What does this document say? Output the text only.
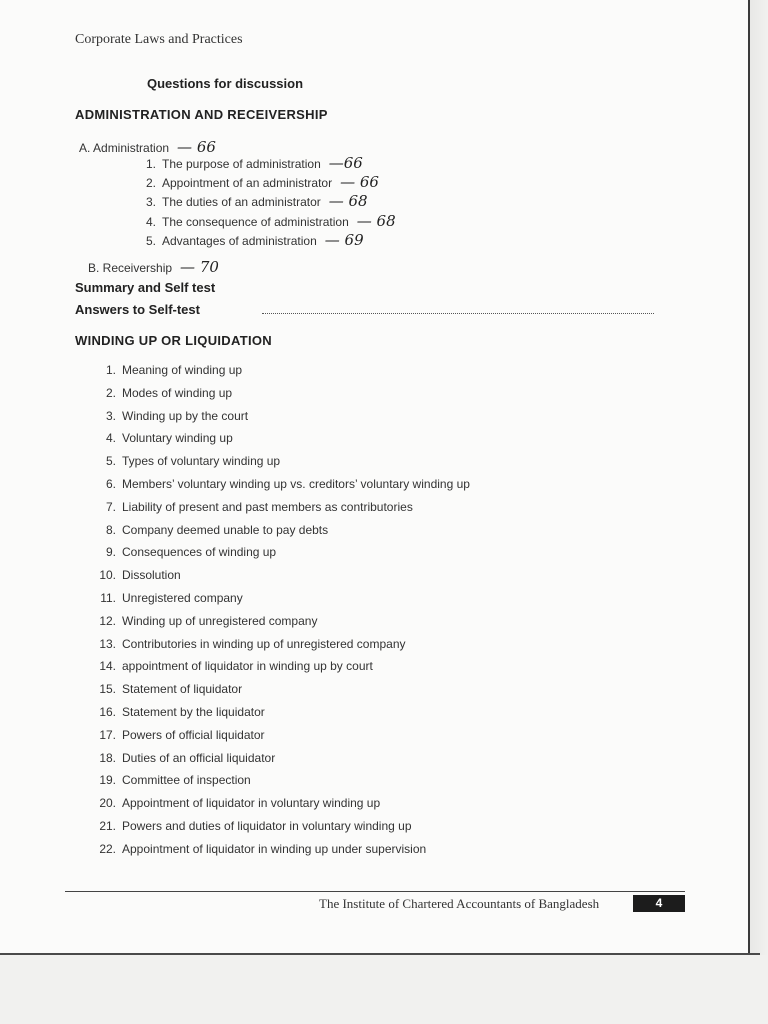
Corporate Laws and Practices
Questions for discussion
ADMINISTRATION AND RECEIVERSHIP
A. Administration — 66
1. The purpose of administration —66
2. Appointment of an administrator — 66
3. The duties of an administrator — 68
4. The consequence of administration — 68
5. Advantages of administration — 69
B. Receivership — 70
Summary and Self test
Answers to Self-test
WINDING UP OR LIQUIDATION
1. Meaning of winding up
2. Modes of winding up
3. Winding up by the court
4. Voluntary winding up
5. Types of voluntary winding up
6. Members’ voluntary winding up vs. creditors’ voluntary winding up
7. Liability of present and past members as contributories
8. Company deemed unable to pay debts
9. Consequences of winding up
10. Dissolution
11. Unregistered company
12. Winding up of unregistered company
13. Contributories in winding up of unregistered company
14. appointment of liquidator in winding up by court
15. Statement of liquidator
16. Statement by the liquidator
17. Powers of official liquidator
18. Duties of an official liquidator
19. Committee of inspection
20. Appointment of liquidator in voluntary winding up
21. Powers and duties of liquidator in voluntary winding up
22. Appointment of liquidator in winding up under supervision
The Institute of Chartered Accountants of Bangladesh	4
